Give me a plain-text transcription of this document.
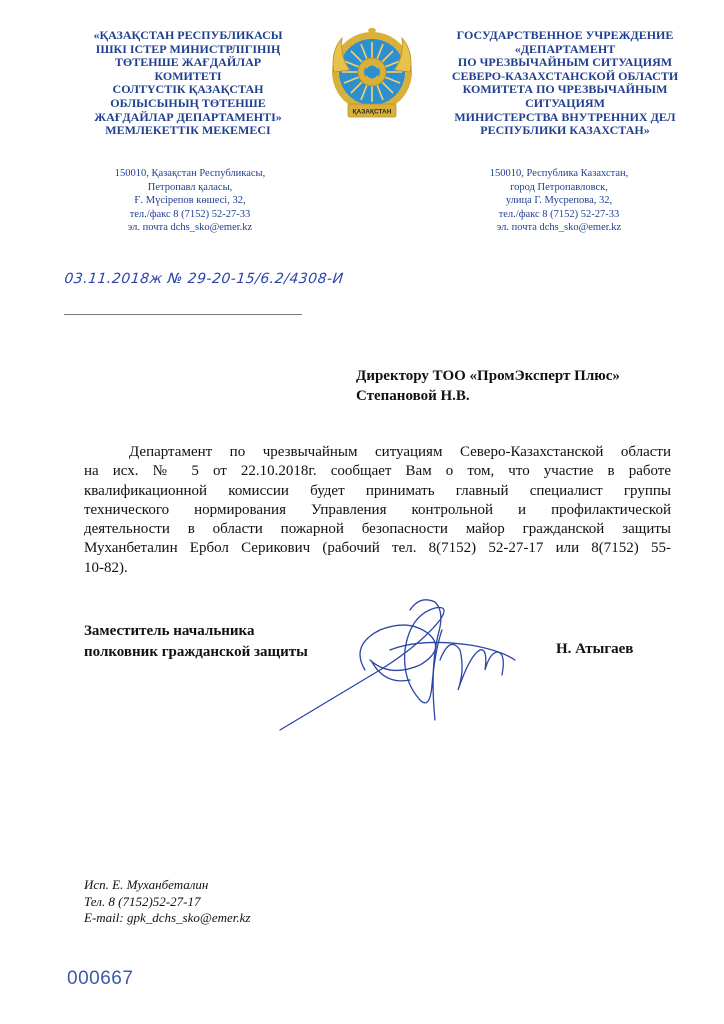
«ҚАЗАҚСТАН РЕСПУБЛИКАСЫ
ІШКІ ІСТЕР МИНИСТРЛІГІНІҢ
ТӨТЕНШЕ ЖАҒДАЙЛАР
КОМИТЕТІ
СОЛТҮСТІК ҚАЗАҚСТАН
ОБЛЫСЫНЫҢ ТӨТЕНШЕ
ЖАҒДАЙЛАР ДЕПАРТАМЕНТІ»
МЕМЛЕКЕТТІК МЕКЕМЕСІ
ҚАЗАҚСТАН
ГОСУДАРСТВЕННОЕ УЧРЕЖДЕНИЕ
«ДЕПАРТАМЕНТ
ПО ЧРЕЗВЫЧАЙНЫМ СИТУАЦИЯМ
СЕВЕРО-КАЗАХСТАНСКОЙ ОБЛАСТИ
КОМИТЕТА ПО ЧРЕЗВЫЧАЙНЫМ
СИТУАЦИЯМ
МИНИСТЕРСТВА ВНУТРЕННИХ ДЕЛ
РЕСПУБЛИКИ КАЗАХСТАН»
150010, Қазақстан Республикасы,
Петропавл қаласы,
Ғ. Мүсірепов көшесі, 32,
тел./факс 8 (7152) 52-27-33
эл. почта dchs_sko@emer.kz
150010, Республика Казахстан,
город Петропавловск,
улица Г. Мусрепова, 32,
тел./факс 8 (7152) 52-27-33
эл. почта dchs_sko@emer.kz
03.11.2018ж № 29-20-15/6.2/4308-И
Директору ТОО «ПромЭксперт Плюс»
Степановой Н.В.
Департамент по чрезвычайным ситуациям Северо-Казахстанской области
на исх. № 5 от 22.10.2018г. сообщает Вам о том, что участие в работе
квалификационной комиссии будет принимать главный специалист группы
технического нормирования Управления контрольной и профилактической
деятельности в области пожарной безопасности майор гражданской защиты
Муханбеталин Ербол Серикович (рабочий тел. 8(7152) 52-27-17 или 8(7152) 55-
10-82).
Заместитель начальника
полковник гражданской защиты	Н. Атыгаев
Исп. Е. Муханбеталин
Тел. 8 (7152)52-27-17
E-mail: gpk_dchs_sko@emer.kz
000667
